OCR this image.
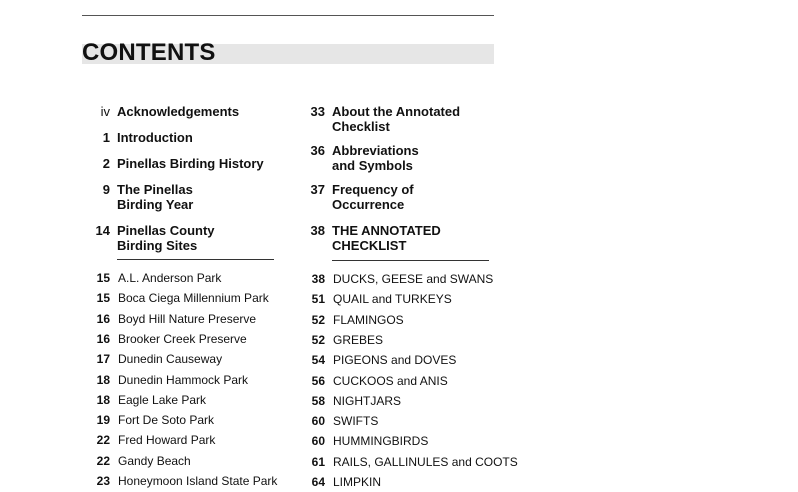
CONTENTS
iv Acknowledgements
1 Introduction
2 Pinellas Birding History
9 The Pinellas
Birding Year
14 Pinellas County
Birding Sites
33 About the Annotated
Checklist
36 Abbreviations
and Symbols
37 Frequency of
Occurrence
38 THE ANNOTATED
CHECKLIST
15 A.L. Anderson Park
15 Boca Ciega Millennium Park
16 Boyd Hill Nature Preserve
16 Brooker Creek Preserve
17 Dunedin Causeway
18 Dunedin Hammock Park
18 Eagle Lake Park
19 Fort De Soto Park
22 Fred Howard Park
22 Gandy Beach
23 Honeymoon Island State Park
38 DUCKS, GEESE and SWANS
51 QUAIL and TURKEYS
52 FLAMINGOS
52 GREBES
54 PIGEONS and DOVES
56 CUCKOOS and ANIS
58 NIGHTJARS
60 SWIFTS
60 HUMMINGBIRDS
61 RAILS, GALLINULES and COOTS
64 LIMPKIN
